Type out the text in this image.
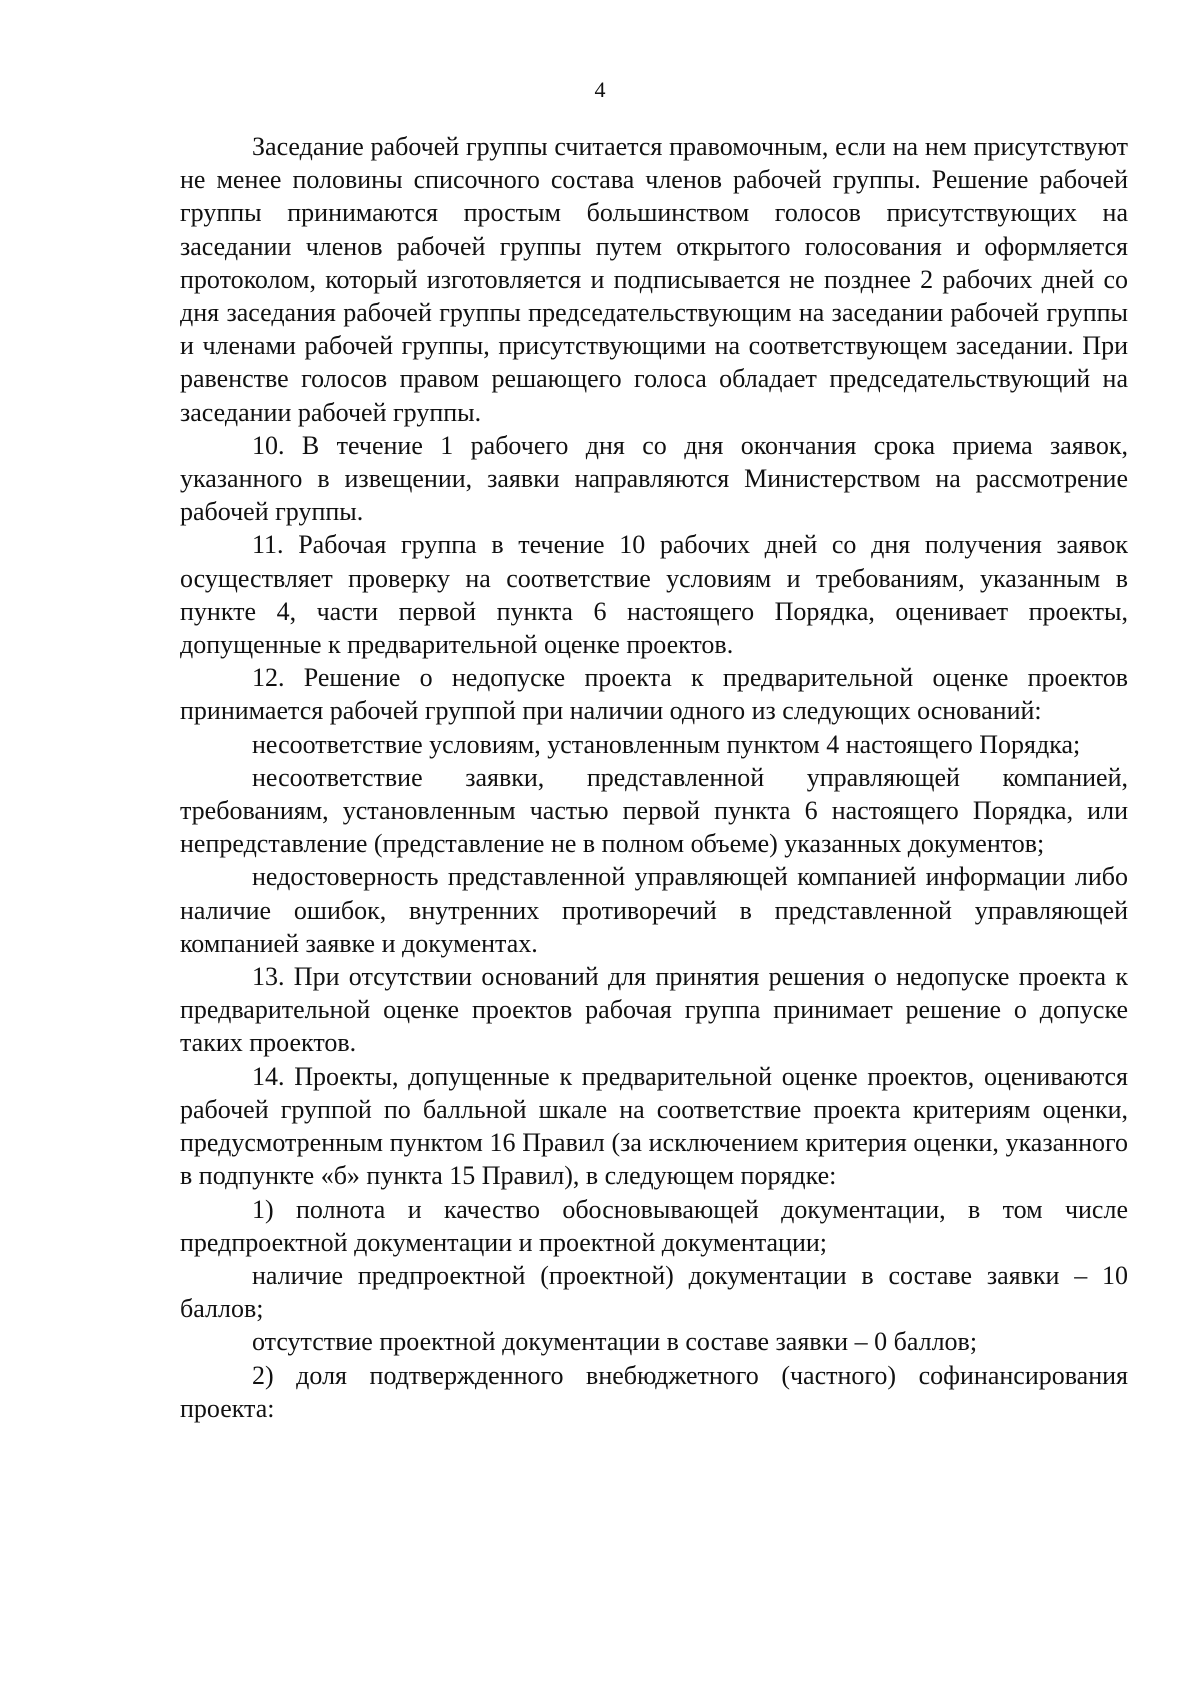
4

Заседание рабочей группы считается правомочным, если на нем присутствуют не менее половины списочного состава членов рабочей группы. Решение рабочей группы принимаются простым большинством голосов присутствующих на заседании членов рабочей группы путем открытого голосования и оформляется протоколом, который изготовляется и подписывается не позднее 2 рабочих дней со дня заседания рабочей группы председательствующим на заседании рабочей группы и членами рабочей группы, присутствующими на соответствующем заседании. При равенстве голосов правом решающего голоса обладает председательствующий на заседании рабочей группы.

10. В течение 1 рабочего дня со дня окончания срока приема заявок, указанного в извещении, заявки направляются Министерством на рассмотрение рабочей группы.

11. Рабочая группа в течение 10 рабочих дней со дня получения заявок осуществляет проверку на соответствие условиям и требованиям, указанным в пункте 4, части первой пункта 6 настоящего Порядка, оценивает проекты, допущенные к предварительной оценке проектов.

12. Решение о недопуске проекта к предварительной оценке проектов принимается рабочей группой при наличии одного из следующих оснований:

несоответствие условиям, установленным пунктом 4 настоящего Порядка;

несоответствие заявки, представленной управляющей компанией, требованиям, установленным частью первой пункта 6 настоящего Порядка, или непредставление (представление не в полном объеме) указанных документов;

недостоверность представленной управляющей компанией информации либо наличие ошибок, внутренних противоречий в представленной управляющей компанией заявке и документах.

13. При отсутствии оснований для принятия решения о недопуске проекта к предварительной оценке проектов рабочая группа принимает решение о допуске таких проектов.

14. Проекты, допущенные к предварительной оценке проектов, оцениваются рабочей группой по балльной шкале на соответствие проекта критериям оценки, предусмотренным пунктом 16 Правил (за исключением критерия оценки, указанного в подпункте «б» пункта 15 Правил), в следующем порядке:

1) полнота и качество обосновывающей документации, в том числе предпроектной документации и проектной документации;

наличие предпроектной (проектной) документации в составе заявки – 10 баллов;

отсутствие проектной документации в составе заявки – 0 баллов;

2) доля подтвержденного внебюджетного (частного) софинансирования проекта:
